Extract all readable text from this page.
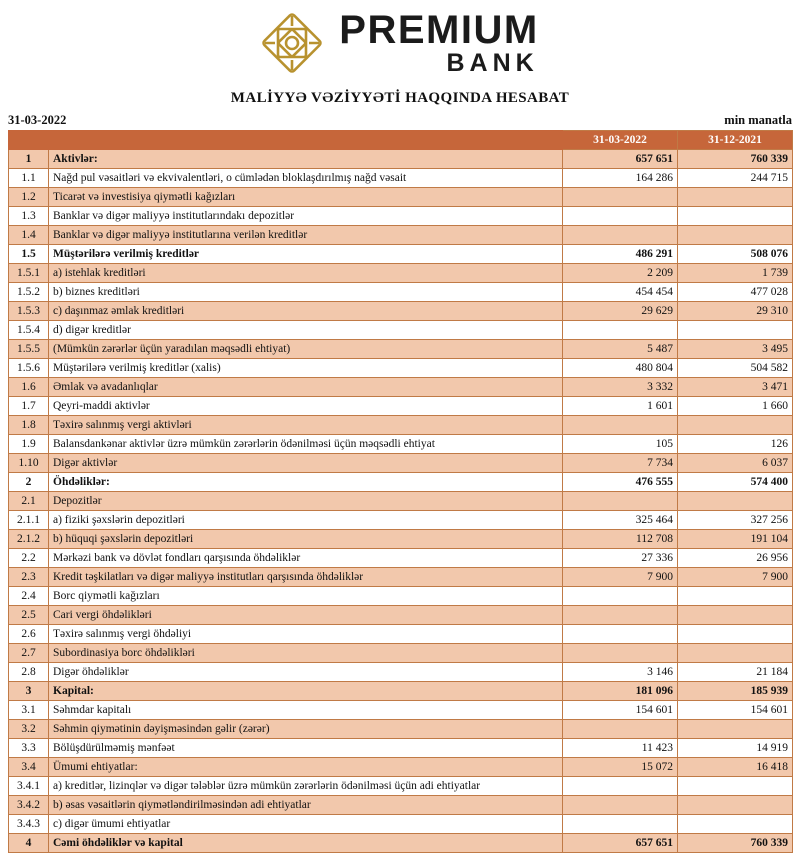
PREMIUM
BANK
MALİYYƏ VƏZİYYƏTİ HAQQINDA HESABAT
31-03-2022	min manatla
		31-03-2022	31-12-2021
1	Aktivlər:	657 651	760 339
1.1	Nağd pul vəsaitləri və ekvivalentləri, o cümlədən bloklaşdırılmış nağd vəsait	164 286	244 715
1.2	Ticarət və investisiya qiymətli kağızları		
1.3	Banklar və digər maliyyə institutlarındakı depozitlər		
1.4	Banklar və digər maliyyə institutlarına verilən kreditlər		
1.5	Müştərilərə verilmiş kreditlər	486 291	508 076
1.5.1	a) istehlak kreditləri	2 209	1 739
1.5.2	b) biznes kreditləri	454 454	477 028
1.5.3	c) daşınmaz əmlak kreditləri	29 629	29 310
1.5.4	d) digər kreditlər		
1.5.5	(Mümkün zərərlər üçün yaradılan məqsədli ehtiyat)	5 487	3 495
1.5.6	Müştərilərə verilmiş kreditlər (xalis)	480 804	504 582
1.6	Əmlak və avadanlıqlar	3 332	3 471
1.7	Qeyri-maddi aktivlər	1 601	1 660
1.8	Təxirə salınmış vergi aktivləri		
1.9	Balansdankənar aktivlər üzrə mümkün zərərlərin ödənilməsi üçün məqsədli ehtiyat	105	126
1.10	Digər aktivlər	7 734	6 037
2	Öhdəliklər:	476 555	574 400
2.1	Depozitlər		
2.1.1	a) fiziki şəxslərin depozitləri	325 464	327 256
2.1.2	b) hüquqi şəxslərin depozitləri	112 708	191 104
2.2	Mərkəzi bank və dövlət fondları qarşısında öhdəliklər	27 336	26 956
2.3	Kredit təşkilatları və digər maliyyə institutları qarşısında öhdəliklər	7 900	7 900
2.4	Borc qiymətli kağızları		
2.5	Cari vergi öhdəlikləri		
2.6	Təxirə salınmış vergi öhdəliyi		
2.7	Subordinasiya borc öhdəlikləri		
2.8	Digər öhdəliklər	3 146	21 184
3	Kapital:	181 096	185 939
3.1	Səhmdar kapitalı	154 601	154 601
3.2	Səhmin qiymətinin dəyişməsindən gəlir (zərər)		
3.3	Bölüşdürülməmiş mənfəət	11 423	14 919
3.4	Ümumi ehtiyatlar:	15 072	16 418
3.4.1	a) kreditlər, lizinqlər və digər tələblər üzrə mümkün zərərlərin ödənilməsi üçün adi ehtiyatlar		
3.4.2	b) əsas vəsaitlərin qiymətləndirilməsindən adi ehtiyatlar		
3.4.3	c) digər ümumi ehtiyatlar		
4	Cəmi öhdəliklər və kapital	657 651	760 339
